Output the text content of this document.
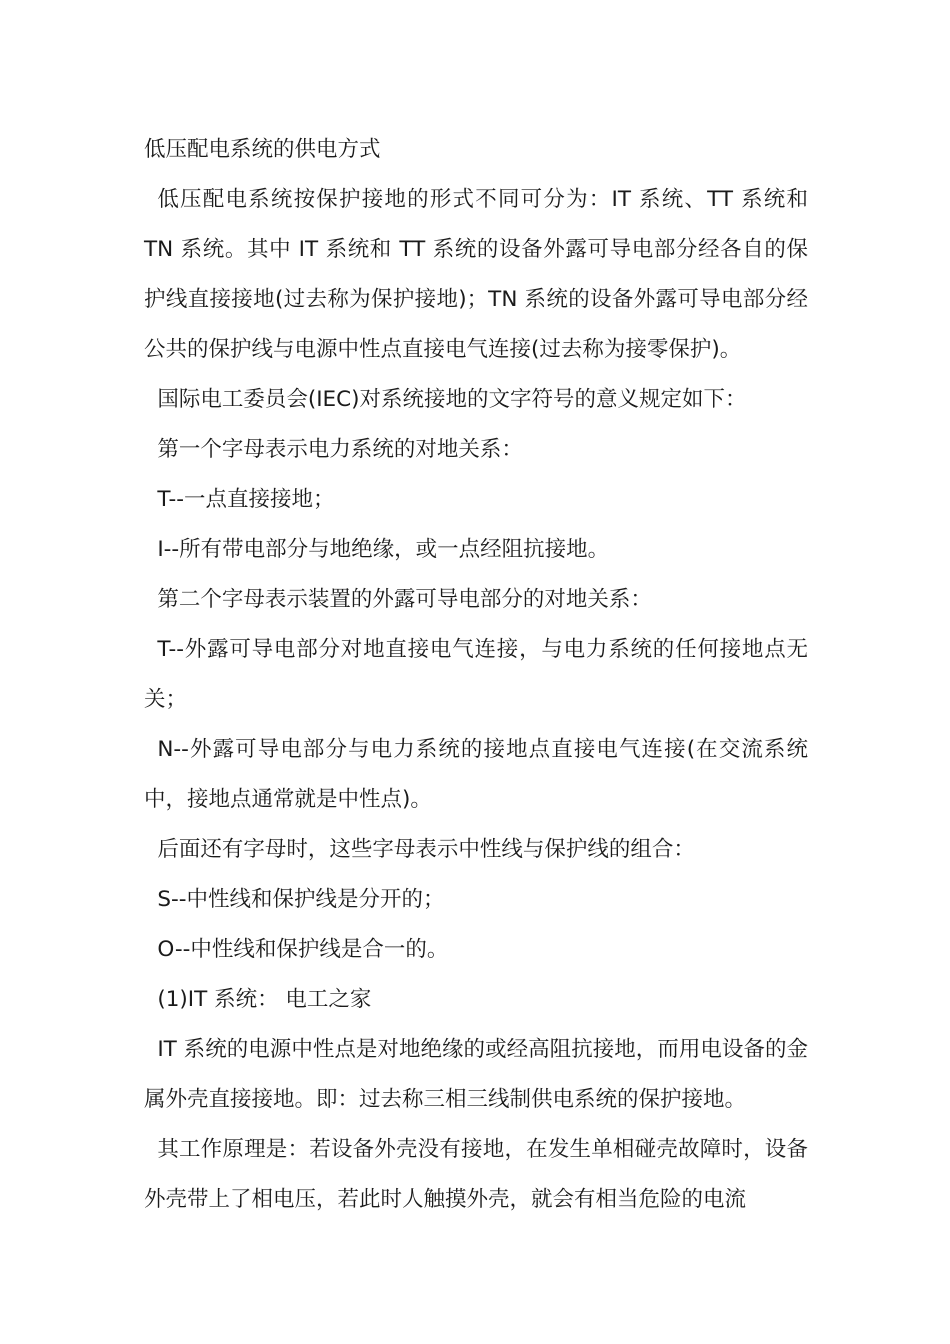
低压配电系统的供电方式

低压配电系统按保护接地的形式不同可分为：IT 系统、TT 系统和 TN 系统。其中 IT 系统和 TT 系统的设备外露可导电部分经各自的保护线直接接地(过去称为保护接地)；TN 系统的设备外露可导电部分经公共的保护线与电源中性点直接电气连接(过去称为接零保护)。

国际电工委员会(IEC)对系统接地的文字符号的意义规定如下：

第一个字母表示电力系统的对地关系：

T--一点直接接地；

I--所有带电部分与地绝缘，或一点经阻抗接地。

第二个字母表示装置的外露可导电部分的对地关系：

T--外露可导电部分对地直接电气连接，与电力系统的任何接地点无关；

N--外露可导电部分与电力系统的接地点直接电气连接(在交流系统中，接地点通常就是中性点)。

后面还有字母时，这些字母表示中性线与保护线的组合：

S--中性线和保护线是分开的；

O--中性线和保护线是合一的。

(1)IT 系统： 电工之家

IT 系统的电源中性点是对地绝缘的或经高阻抗接地，而用电设备的金属外壳直接接地。即：过去称三相三线制供电系统的保护接地。

其工作原理是：若设备外壳没有接地，在发生单相碰壳故障时，设备外壳带上了相电压，若此时人触摸外壳，就会有相当危险的电流
